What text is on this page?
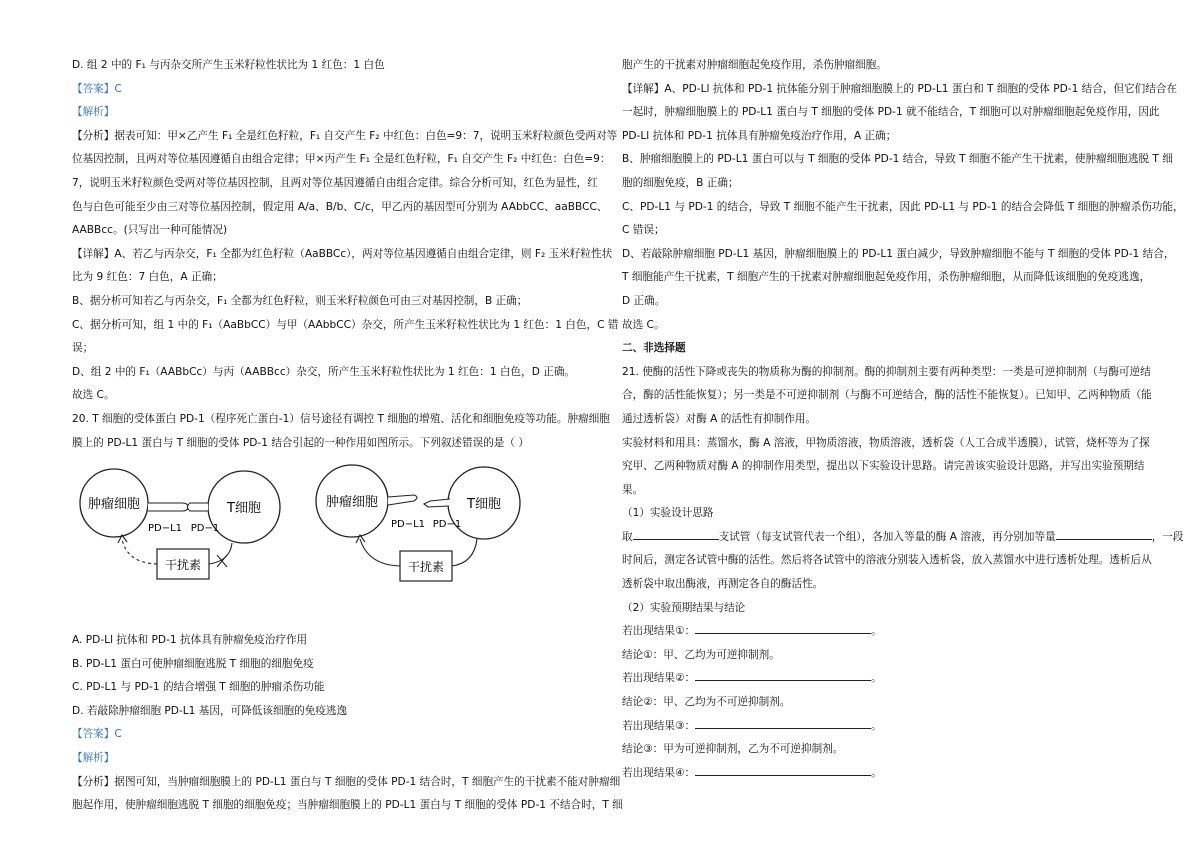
D. 组 2 中的 F₁ 与丙杂交所产生玉米籽粒性状比为 1 红色：1 白色
【答案】C
【解析】
【分析】据表可知：甲×乙产生 F₁ 全是红色籽粒，F₁ 自交产生 F₂ 中红色：白色=9：7，说明玉米籽粒颜色受两对等
位基因控制，且两对等位基因遵循自由组合定律；甲×丙产生 F₁ 全是红色籽粒，F₁ 自交产生 F₂ 中红色：白色=9：
7，说明玉米籽粒颜色受两对等位基因控制，且两对等位基因遵循自由组合定律。综合分析可知，红色为显性，红
色与白色可能至少由三对等位基因控制，假定用 A/a、B/b、C/c，甲乙丙的基因型可分别为 AAbbCC、aaBBCC、
AABBcc。(只写出一种可能情况)
【详解】A、若乙与丙杂交，F₁ 全都为红色籽粒（AaBBCc），两对等位基因遵循自由组合定律，则 F₂ 玉米籽粒性状
比为 9 红色：7 白色，A 正确；
B、据分析可知若乙与丙杂交，F₁ 全都为红色籽粒，则玉米籽粒颜色可由三对基因控制，B 正确；
C、据分析可知，组 1 中的 F₁（AaBbCC）与甲（AAbbCC）杂交，所产生玉米籽粒性状比为 1 红色：1 白色，C 错
误；
D、组 2 中的 F₁（AABbCc）与丙（AABBcc）杂交，所产生玉米籽粒性状比为 1 红色：1 白色，D 正确。
故选 C。
20. T 细胞的受体蛋白 PD-1（程序死亡蛋白-1）信号途径有调控 T 细胞的增殖、活化和细胞免疫等功能。肿瘤细胞
膜上的 PD-L1 蛋白与 T 细胞的受体 PD-1 结合引起的一种作用如图所示。下列叙述错误的是（ ）
肿瘤细胞	T细胞
PD−L1 PD−1
干扰素
肿瘤细胞	T细胞
PD−L1 PD−1
干扰素
A. PD-Ll 抗体和 PD-1 抗体具有肿瘤免疫治疗作用
B. PD-L1 蛋白可使肿瘤细胞逃脱 T 细胞的细胞免疫
C. PD-L1 与 PD-1 的结合增强 T 细胞的肿瘤杀伤功能
D. 若敲除肿瘤细胞 PD-L1 基因，可降低该细胞的免疫逃逸
【答案】C
【解析】
【分析】据图可知，当肿瘤细胞膜上的 PD-L1 蛋白与 T 细胞的受体 PD-1 结合时，T 细胞产生的干扰素不能对肿瘤细
胞起作用，使肿瘤细胞逃脱 T 细胞的细胞免疫；当肿瘤细胞膜上的 PD-L1 蛋白与 T 细胞的受体 PD-1 不结合时，T 细
胞产生的干扰素对肿瘤细胞起免疫作用，杀伤肿瘤细胞。
【详解】A、PD-Ll 抗体和 PD-1 抗体能分别于肿瘤细胞膜上的 PD-L1 蛋白和 T 细胞的受体 PD-1 结合，但它们结合在
一起时，肿瘤细胞膜上的 PD-L1 蛋白与 T 细胞的受体 PD-1 就不能结合，T 细胞可以对肿瘤细胞起免疫作用，因此
PD-Ll 抗体和 PD-1 抗体具有肿瘤免疫治疗作用，A 正确；
B、肿瘤细胞膜上的 PD-L1 蛋白可以与 T 细胞的受体 PD-1 结合，导致 T 细胞不能产生干扰素，使肿瘤细胞逃脱 T 细
胞的细胞免疫，B 正确；
C、PD-L1 与 PD-1 的结合，导致 T 细胞不能产生干扰素，因此 PD-L1 与 PD-1 的结合会降低 T 细胞的肿瘤杀伤功能，
C 错误；
D、若敲除肿瘤细胞 PD-L1 基因，肿瘤细胞膜上的 PD-L1 蛋白减少，导致肿瘤细胞不能与 T 细胞的受体 PD-1 结合，
T 细胞能产生干扰素，T 细胞产生的干扰素对肿瘤细胞起免疫作用，杀伤肿瘤细胞，从而降低该细胞的免疫逃逸，
D 正确。
故选 C。
二、非选择题
21. 使酶的活性下降或丧失的物质称为酶的抑制剂。酶的抑制剂主要有两种类型：一类是可逆抑制剂（与酶可逆结
合，酶的活性能恢复）；另一类是不可逆抑制剂（与酶不可逆结合，酶的活性不能恢复）。已知甲、乙两种物质（能
通过透析袋）对酶 A 的活性有抑制作用。
实验材料和用具：蒸馏水，酶 A 溶液，甲物质溶液，物质溶液，透析袋（人工合成半透膜），试管，烧杯等为了探
究甲、乙两种物质对酶 A 的抑制作用类型，提出以下实验设计思路。请完善该实验设计思路，并写出实验预期结
果。
（1）实验设计思路
取	支试管（每支试管代表一个组），各加入等量的酶 A 溶液，再分别加等量	，一段
时间后，测定各试管中酶的活性。然后将各试管中的溶液分别装入透析袋，放入蒸馏水中进行透析处理。透析后从
透析袋中取出酶液，再测定各自的酶活性。
（2）实验预期结果与结论
若出现结果①：	。
结论①：甲、乙均为可逆抑制剂。
若出现结果②：	。
结论②：甲、乙均为不可逆抑制剂。
若出现结果③：	。
结论③：甲为可逆抑制剂，乙为不可逆抑制剂。
若出现结果④：	。
